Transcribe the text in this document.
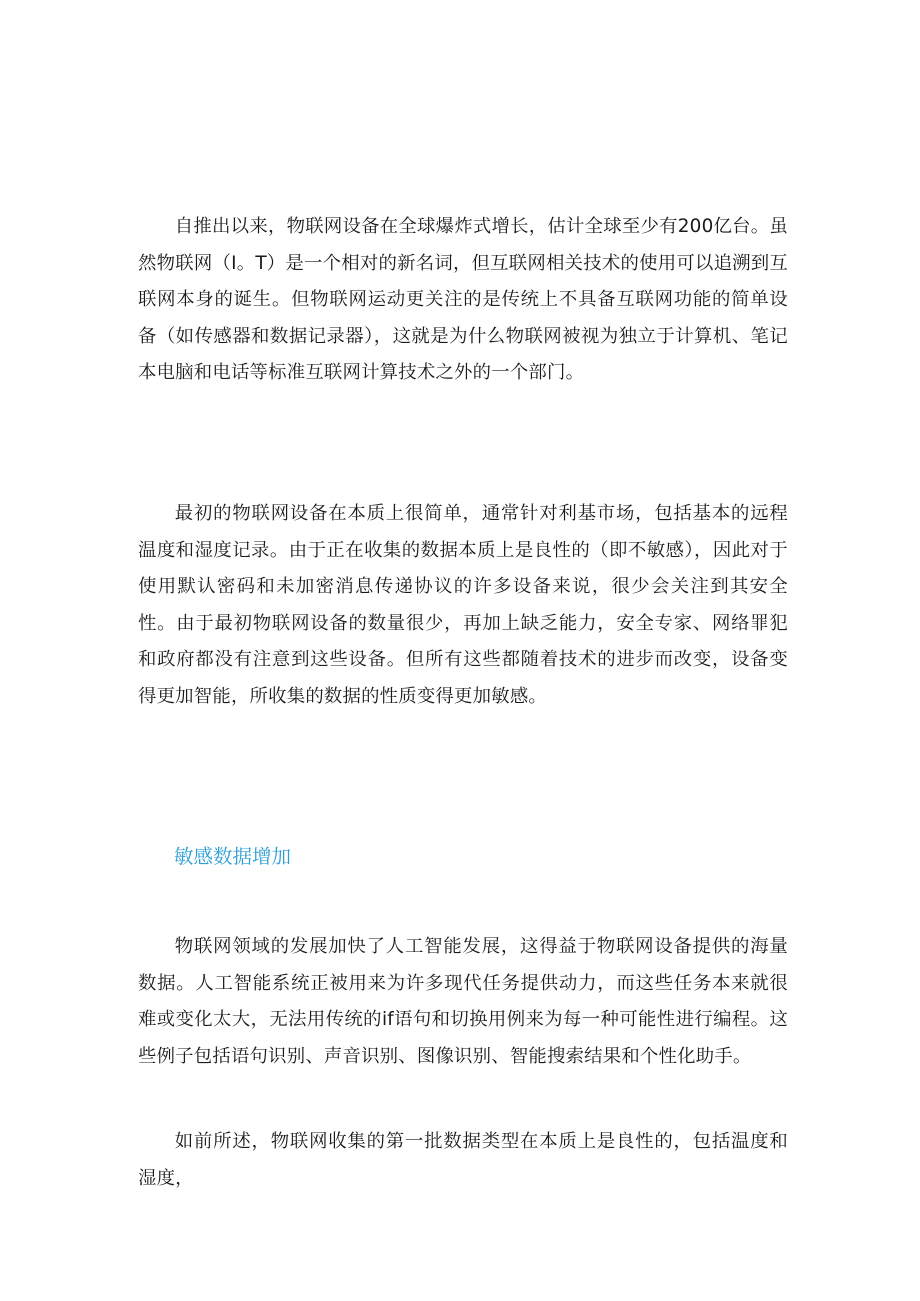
自推出以来，物联网设备在全球爆炸式增长，估计全球至少有200亿台。虽然物联网（I。T）是一个相对的新名词，但互联网相关技术的使用可以追溯到互联网本身的诞生。但物联网运动更关注的是传统上不具备互联网功能的简单设备（如传感器和数据记录器），这就是为什么物联网被视为独立于计算机、笔记本电脑和电话等标准互联网计算技术之外的一个部门。

最初的物联网设备在本质上很简单，通常针对利基市场，包括基本的远程温度和湿度记录。由于正在收集的数据本质上是良性的（即不敏感），因此对于使用默认密码和未加密消息传递协议的许多设备来说，很少会关注到其安全性。由于最初物联网设备的数量很少，再加上缺乏能力，安全专家、网络罪犯和政府都没有注意到这些设备。但所有这些都随着技术的进步而改变，设备变得更加智能，所收集的数据的性质变得更加敏感。

敏感数据增加

物联网领域的发展加快了人工智能发展，这得益于物联网设备提供的海量数据。人工智能系统正被用来为许多现代任务提供动力，而这些任务本来就很难或变化太大，无法用传统的if语句和切换用例来为每一种可能性进行编程。这些例子包括语句识别、声音识别、图像识别、智能搜索结果和个性化助手。

如前所述，物联网收集的第一批数据类型在本质上是良性的，包括温度和湿度，
